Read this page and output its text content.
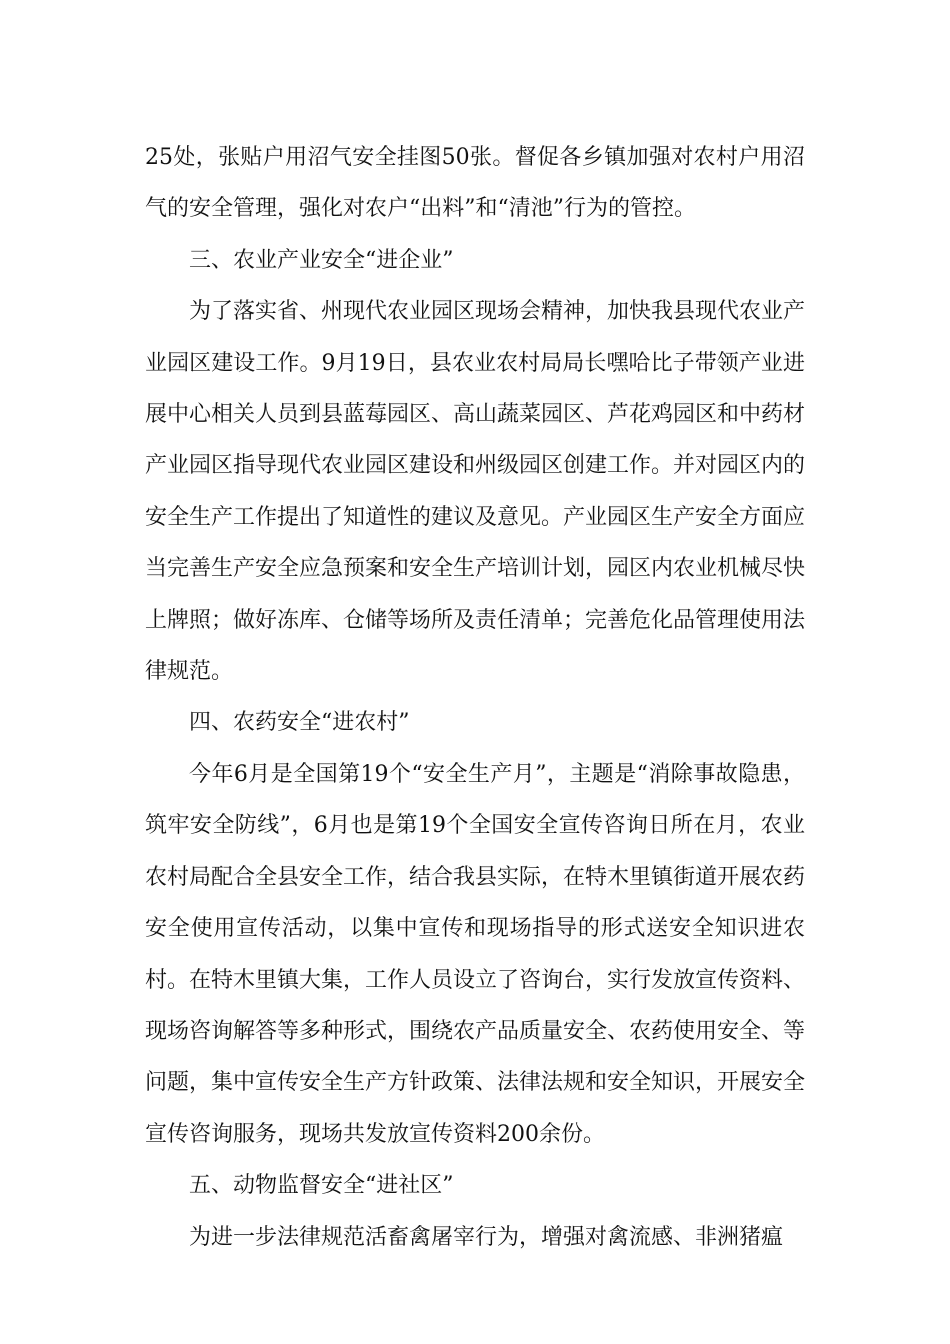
25处，张贴户用沼气安全挂图50张。督促各乡镇加强对农村户用沼气的安全管理，强化对农户“出料”和“清池”行为的管控。

三、农业产业安全“进企业”

为了落实省、州现代农业园区现场会精神，加快我县现代农业产业园区建设工作。9月19日，县农业农村局局长嘿哈比子带领产业进展中心相关人员到县蓝莓园区、高山蔬菜园区、芦花鸡园区和中药材产业园区指导现代农业园区建设和州级园区创建工作。并对园区内的安全生产工作提出了知道性的建议及意见。产业园区生产安全方面应当完善生产安全应急预案和安全生产培训计划，园区内农业机械尽快上牌照；做好冻库、仓储等场所及责任清单；完善危化品管理使用法律规范。

四、农药安全“进农村”

今年6月是全国第19个“安全生产月”，主题是“消除事故隐患，筑牢安全防线”，6月也是第19个全国安全宣传咨询日所在月，农业农村局配合全县安全工作，结合我县实际，在特木里镇街道开展农药安全使用宣传活动，以集中宣传和现场指导的形式送安全知识进农村。在特木里镇大集，工作人员设立了咨询台，实行发放宣传资料、现场咨询解答等多种形式，围绕农产品质量安全、农药使用安全、等问题，集中宣传安全生产方针政策、法律法规和安全知识，开展安全宣传咨询服务，现场共发放宣传资料200余份。

五、动物监督安全“进社区”

为进一步法律规范活畜禽屠宰行为，增强对禽流感、非洲猪瘟
